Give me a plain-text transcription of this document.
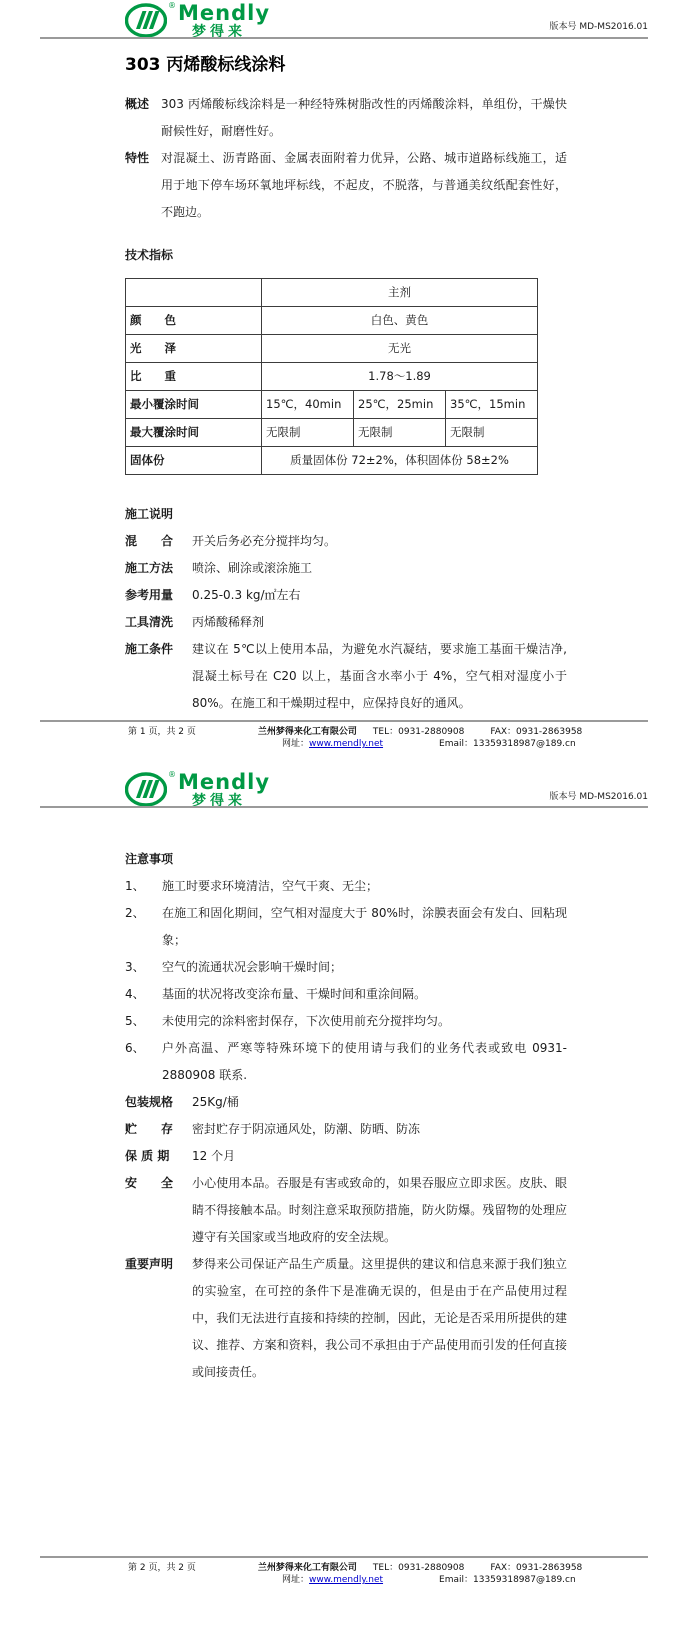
® Mendly
梦得来	版本号 MD-MS2016.01
303 丙烯酸标线涂料
概述 303 丙烯酸标线涂料是一种经特殊树脂改性的丙烯酸涂料，单组份，干燥快耐候性好，耐磨性好。
特性 对混凝土、沥青路面、金属表面附着力优异，公路、城市道路标线施工，适用于地下停车场环氧地坪标线，不起皮，不脱落，与普通美纹纸配套性好，不跑边。

技术指标

	主剂		
颜　　色	白色、黄色		
光　　泽	无光		
比　　重	1.78～1.89		
最小覆涂时间	15℃，40min	25℃，25min	35℃，15min
最大覆涂时间	无限制	无限制	无限制
固体份	质量固体份 72±2%，体积固体份 58±2%		

施工说明

混　　合	开关后务必充分搅拌均匀。
施工方法	喷涂、刷涂或滚涂施工
参考用量	0.25-0.3 kg/㎡左右
工具清洗	丙烯酸稀释剂
施工条件	建议在 5℃以上使用本品，为避免水汽凝结，要求施工基面干燥洁净, 混凝土标号在 C20 以上，基面含水率小于 4%，空气相对湿度小于 80%。在施工和干燥期过程中，应保持良好的通风。
第 1 页，共 2 页	兰州梦得来化工有限公司 TEL：0931-2880908	FAX：0931-2863958
网址：www.mendly.net	Email：13359318987@189.cn
® Mendly
梦得来	版本号 MD-MS2016.01

注意事项

1、	施工时要求环境清洁，空气干爽、无尘；
2、	在施工和固化期间，空气相对湿度大于 80%时，涂膜表面会有发白、回粘现象；
3、	空气的流通状况会影响干燥时间；
4、	基面的状况将改变涂布量、干燥时间和重涂间隔。
5、	未使用完的涂料密封保存，下次使用前充分搅拌均匀。
6、	户外高温、严寒等特殊环境下的使用请与我们的业务代表或致电 0931-2880908 联系.
包装规格	25Kg/桶
贮　　存	密封贮存于阴凉通风处，防潮、防晒、防冻
保 质 期	12 个月
安　　全	小心使用本品。吞服是有害或致命的，如果吞服应立即求医。皮肤、眼睛不得接触本品。时刻注意采取预防措施，防火防爆。残留物的处理应遵守有关国家或当地政府的安全法规。
重要声明	梦得来公司保证产品生产质量。这里提供的建议和信息来源于我们独立的实验室，在可控的条件下是准确无误的，但是由于在产品使用过程中，我们无法进行直接和持续的控制，因此，无论是否采用所提供的建议、推荐、方案和资料，我公司不承担由于产品使用而引发的任何直接或间接责任。
第 2 页，共 2 页	兰州梦得来化工有限公司 TEL：0931-2880908	FAX：0931-2863958
网址：www.mendly.net	Email：13359318987@189.cn
